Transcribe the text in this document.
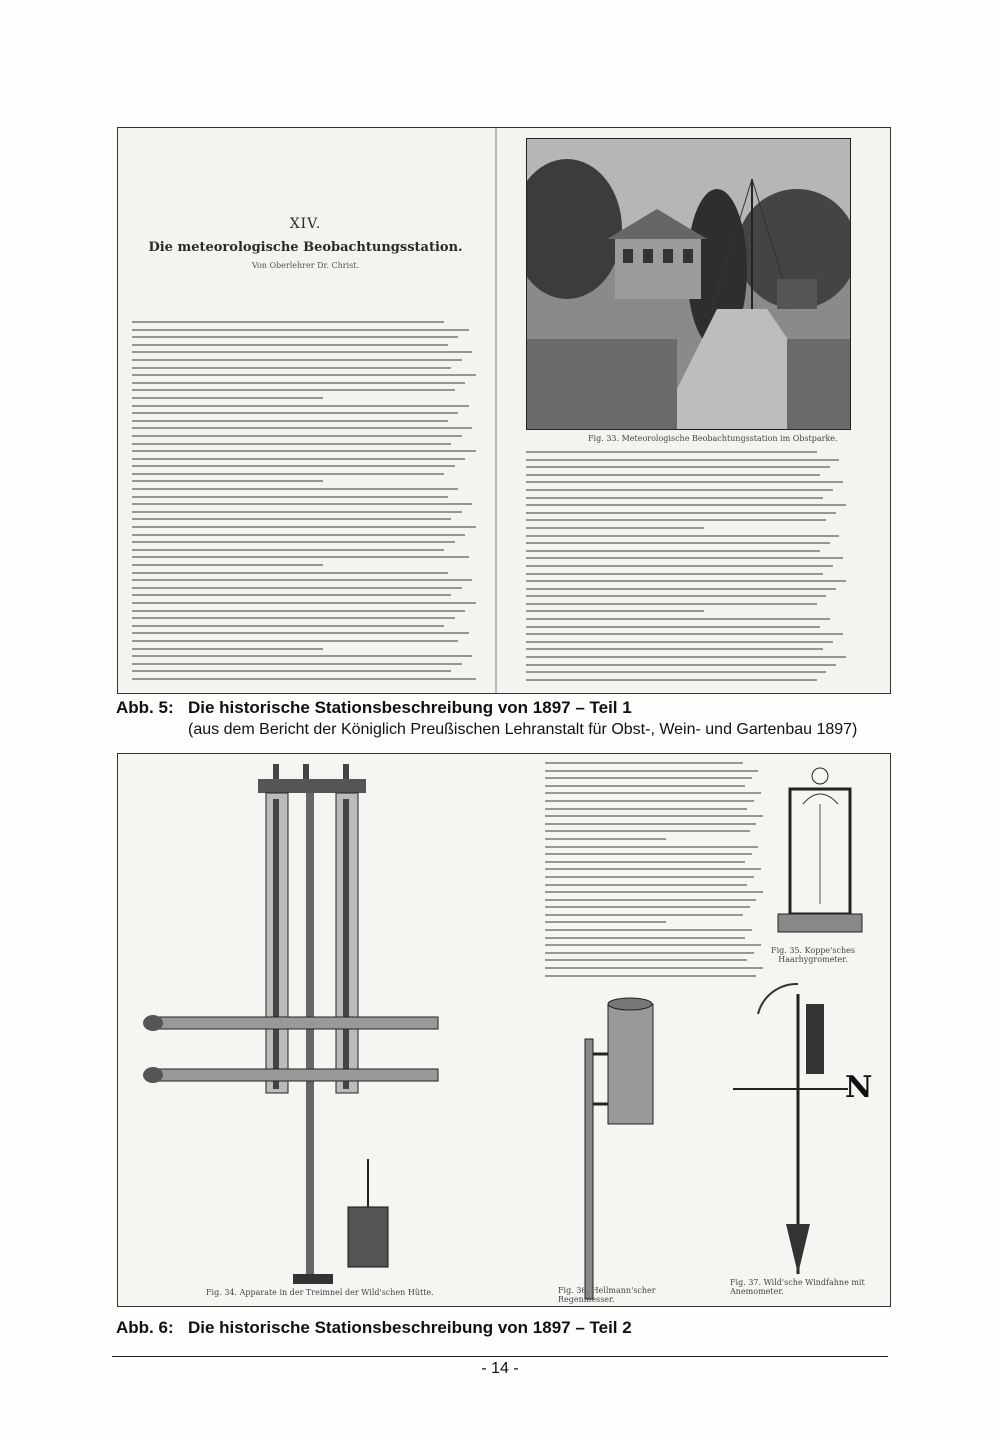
XIV.
Die meteorologische Beobachtungsstation.
Von Oberlehrer Dr. Christ.
Fig. 33. Meteorologische Beobachtungsstation im Obstparke.
Abb. 5: Die historische Stationsbeschreibung von 1897 – Teil 1
(aus dem Bericht der Königlich Preußischen Lehranstalt für Obst-, Wein- und Gartenbau 1897)
Fig. 34. Apparate in der Treimnel der Wild'schen Hütte.
Fig. 35. Koppe'sches Haarhygrometer.
Fig. 36. Hellmann'scher Regenmesser.
N
Fig. 37. Wild'sche Windfahne mit Anemometer.
Abb. 6: Die historische Stationsbeschreibung von 1897 – Teil 2
- 14 -
